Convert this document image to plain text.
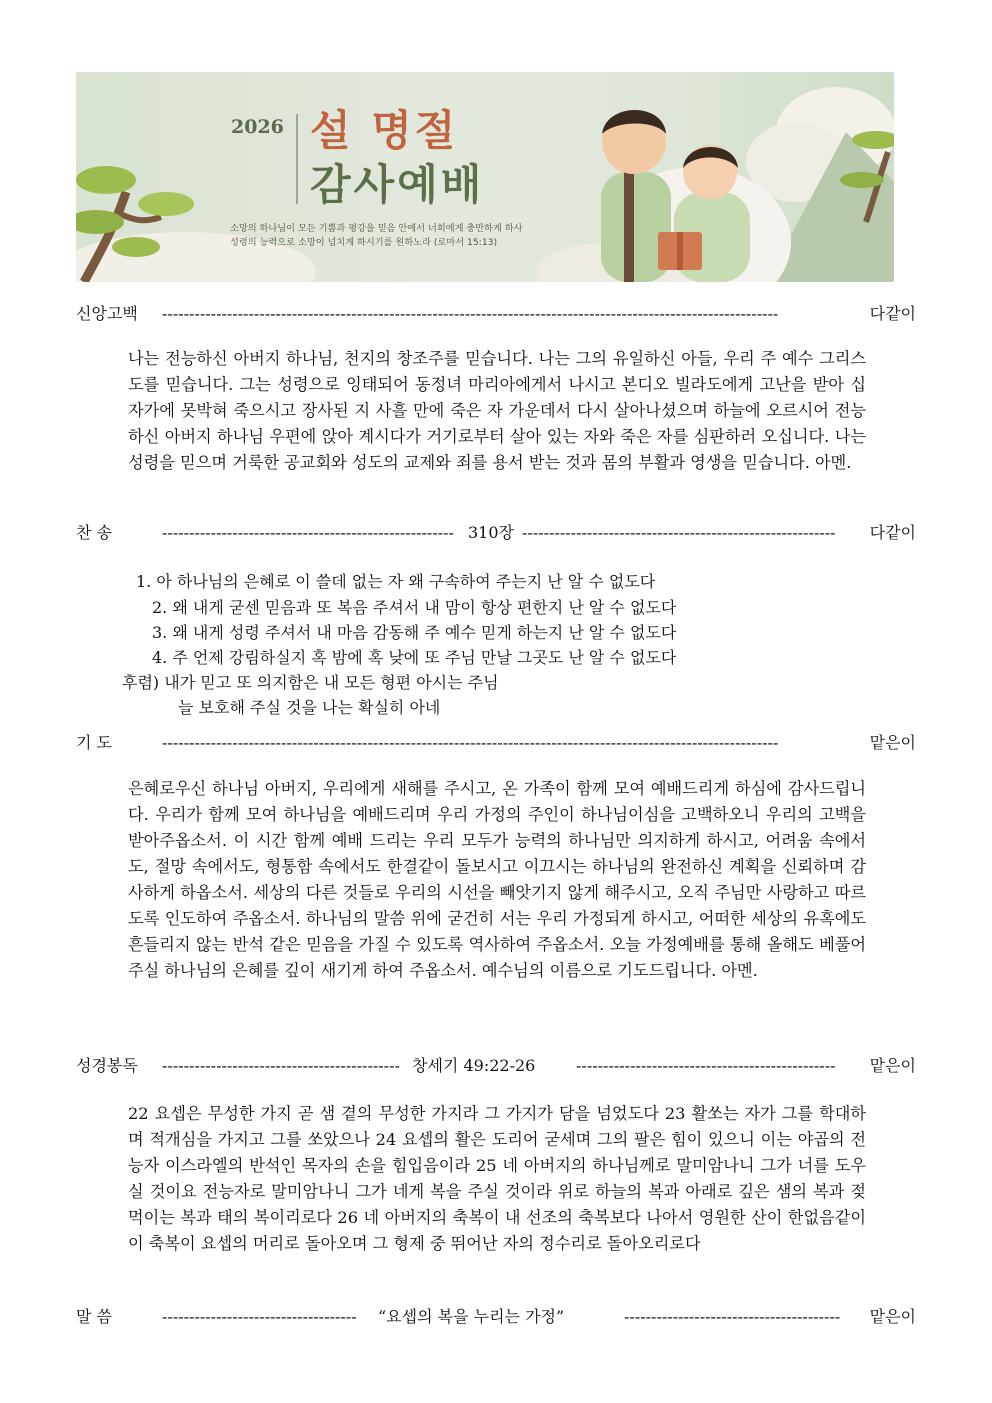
2026 설 명절
감사예배
소망의 하나님이 모든 기쁨과 평강을 믿음 안에서 너희에게 충만하게 하사
성령의 능력으로 소망이 넘치게 하시기를 원하노라 (로마서 15:13)
신앙고백 ------------------------------------------------------------------------------------------------------------------	다같이
나는 전능하신 아버지 하나님, 천지의 창조주를 믿습니다. 나는 그의 유일하신 아들, 우리 주 예수 그리스도를 믿습니다. 그는 성령으로 잉태되어 동정녀 마리아에게서 나시고 본디오 빌라도에게 고난을 받아 십자가에 못박혀 죽으시고 장사된 지 사흘 만에 죽은 자 가운데서 다시 살아나셨으며 하늘에 오르시어 전능하신 아버지 하나님 우편에 앉아 계시다가 거기로부터 살아 있는 자와 죽은 자를 심판하러 오십니다. 나는 성령을 믿으며 거룩한 공교회와 성도의 교제와 죄를 용서 받는 것과 몸의 부활과 영생을 믿습니다. 아멘.
찬 송	------------------------------------------------------ 310장 ----------------------------------------------------------	다같이
1. 아 하나님의 은혜로 이 쓸데 없는 자 왜 구속하여 주는지 난 알 수 없도다
2. 왜 내게 굳센 믿음과 또 복음 주셔서 내 맘이 항상 편한지 난 알 수 없도다
3. 왜 내게 성령 주셔서 내 마음 감동해 주 예수 믿게 하는지 난 알 수 없도다
4. 주 언제 강림하실지 혹 밤에 혹 낮에 또 주님 만날 그곳도 난 알 수 없도다
후렴) 내가 믿고 또 의지함은 내 모든 형편 아시는 주님
늘 보호해 주실 것을 나는 확실히 아네
기 도	------------------------------------------------------------------------------------------------------------------	맡은이
은혜로우신 하나님 아버지, 우리에게 새해를 주시고, 온 가족이 함께 모여 예배드리게 하심에 감사드립니다. 우리가 함께 모여 하나님을 예배드리며 우리 가정의 주인이 하나님이심을 고백하오니 우리의 고백을 받아주옵소서. 이 시간 함께 예배 드리는 우리 모두가 능력의 하나님만 의지하게 하시고, 어려움 속에서도, 절망 속에서도, 형통함 속에서도 한결같이 돌보시고 이끄시는 하나님의 완전하신 계획을 신뢰하며 감사하게 하옵소서. 세상의 다른 것들로 우리의 시선을 빼앗기지 않게 해주시고, 오직 주님만 사랑하고 따르도록 인도하여 주옵소서. 하나님의 말씀 위에 굳건히 서는 우리 가정되게 하시고, 어떠한 세상의 유혹에도 흔들리지 않는 반석 같은 믿음을 가질 수 있도록 역사하여 주옵소서. 오늘 가정예배를 통해 올해도 베풀어 주실 하나님의 은혜를 깊이 새기게 하여 주옵소서. 예수님의 이름으로 기도드립니다. 아멘.
성경봉독 -------------------------------------------- 창세기 49:22-26	------------------------------------------------	맡은이
22 요셉은 무성한 가지 곧 샘 곁의 무성한 가지라 그 가지가 담을 넘었도다 23 활쏘는 자가 그를 학대하며 적개심을 가지고 그를 쏘았으나 24 요셉의 활은 도리어 굳세며 그의 팔은 힘이 있으니 이는 야곱의 전능자 이스라엘의 반석인 목자의 손을 힘입음이라 25 네 아버지의 하나님께로 말미암나니 그가 너를 도우실 것이요 전능자로 말미암나니 그가 네게 복을 주실 것이라 위로 하늘의 복과 아래로 깊은 샘의 복과 젖먹이는 복과 태의 복이리로다 26 네 아버지의 축복이 내 선조의 축복보다 나아서 영원한 산이 한없음같이 이 축복이 요셉의 머리로 돌아오며 그 형제 중 뛰어난 자의 정수리로 돌아오리로다
말 씀	------------------------------------	“요셉의 복을 누리는 가정”	---------------------------------------- 맡은이
